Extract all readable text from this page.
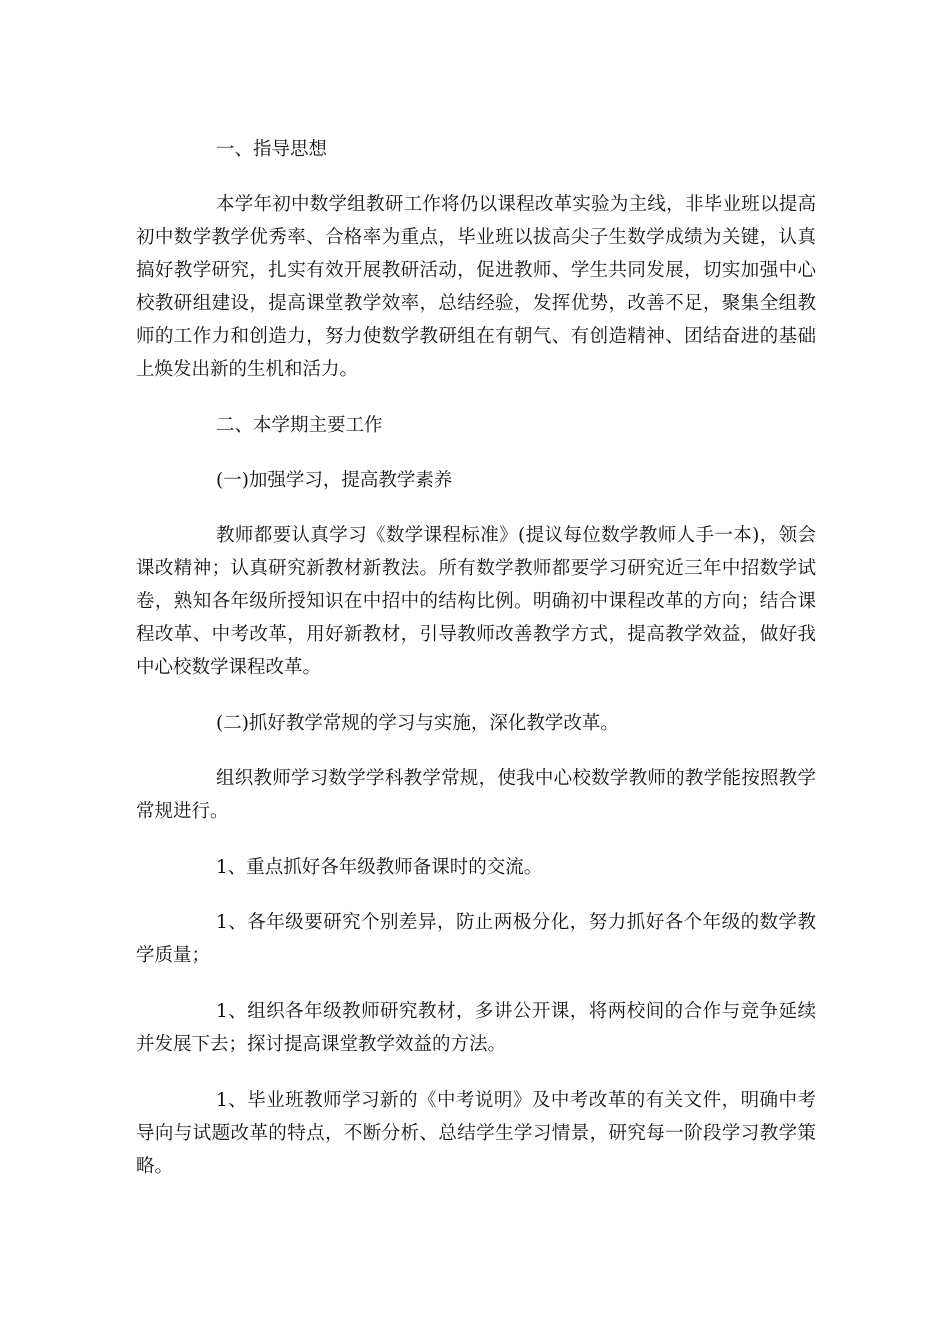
一、指导思想

本学年初中数学组教研工作将仍以课程改革实验为主线，非毕业班以提高初中数学教学优秀率、合格率为重点，毕业班以拔高尖子生数学成绩为关键，认真搞好教学研究，扎实有效开展教研活动，促进教师、学生共同发展，切实加强中心校教研组建设，提高课堂教学效率，总结经验，发挥优势，改善不足，聚集全组教师的工作力和创造力，努力使数学教研组在有朝气、有创造精神、团结奋进的基础上焕发出新的生机和活力。

二、本学期主要工作

(一)加强学习，提高教学素养

教师都要认真学习《数学课程标准》(提议每位数学教师人手一本)，领会课改精神；认真研究新教材新教法。所有数学教师都要学习研究近三年中招数学试卷，熟知各年级所授知识在中招中的结构比例。明确初中课程改革的方向；结合课程改革、中考改革，用好新教材，引导教师改善教学方式，提高教学效益，做好我中心校数学课程改革。

(二)抓好教学常规的学习与实施，深化教学改革。

组织教师学习数学学科教学常规，使我中心校数学教师的教学能按照教学常规进行。

1、重点抓好各年级教师备课时的交流。

1、各年级要研究个别差异，防止两极分化，努力抓好各个年级的数学教学质量；

1、组织各年级教师研究教材，多讲公开课，将两校间的合作与竞争延续并发展下去；探讨提高课堂教学效益的方法。

1、毕业班教师学习新的《中考说明》及中考改革的有关文件，明确中考导向与试题改革的特点，不断分析、总结学生学习情景，研究每一阶段学习教学策略。
